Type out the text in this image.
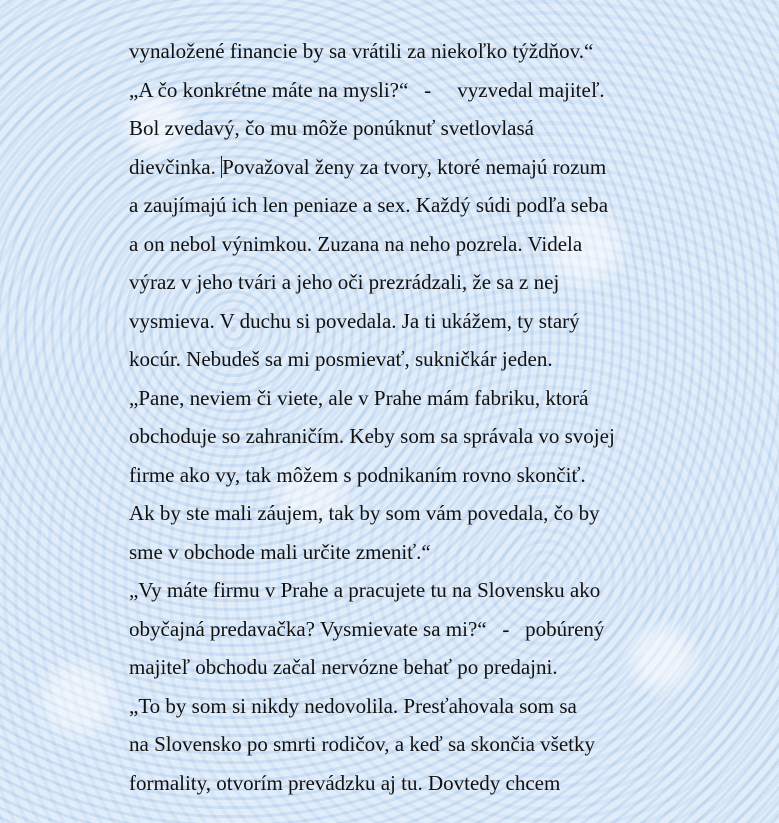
vynaložené financie by sa vrátili za niekoľko týždňov.“
„A čo konkrétne máte na mysli?“   -     vyzvedal majiteľ.
Bol zvedavý, čo mu môže ponúknuť svetlovlasá
dievčinka. Považoval ženy za tvory, ktoré nemajú rozum
a zaujímajú ich len peniaze a sex. Každý súdi podľa seba
a on nebol výnimkou. Zuzana na neho pozrela. Videla
výraz v jeho tvári a jeho oči prezrádzali, že sa z nej
vysmieva. V duchu si povedala. Ja ti ukážem, ty starý
kocúr. Nebudeš sa mi posmievať, sukničkár jeden.
„Pane, neviem či viete, ale v Prahe mám fabriku, ktorá
obchoduje so zahraničím. Keby som sa správala vo svojej
firme ako vy, tak môžem s podnikaním rovno skončiť.
Ak by ste mali záujem, tak by som vám povedala, čo by
sme v obchode mali určite zmeniť.“
„Vy máte firmu v Prahe a pracujete tu na Slovensku ako
obyčajná predavačka? Vysmievate sa mi?“   -   pobúrený
majiteľ obchodu začal nervózne behať po predajni.
„To by som si nikdy nedovolila. Presťahovala som sa
na Slovensko po smrti rodičov, a keď sa skončia všetky
formality, otvorím prevádzku aj tu. Dovtedy chcem
